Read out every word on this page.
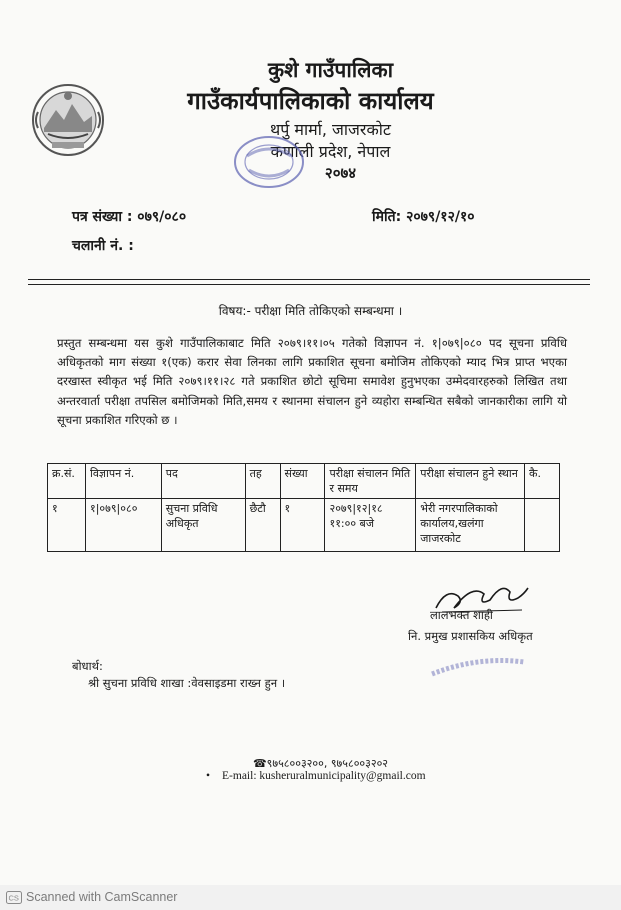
कुशे गाउँपालिका
गाउँकार्यपालिकाको कार्यालय
थर्पु मार्मा, जाजरकोट
कर्णाली प्रदेश, नेपाल
२०७४
पत्र संख्या : ०७९/०८०	मिति: २०७९/१२/१०
चलानी नं. :
विषय:- परीक्षा मिति तोकिएको सम्बन्धमा ।
प्रस्तुत सम्बन्धमा यस कुशे गाउँपालिकाबाट मिति २०७९।११।०५ गतेको विज्ञापन नं. १|०७९|०८० पद सूचना प्रविधि अधिकृतको माग संख्या १(एक) करार सेवा लिनका लागि प्रकाशित सूचना बमोजिम तोकिएको म्याद भित्र प्राप्त भएका दरखास्त स्वीकृत भई मिति २०७९।११।२८ गते प्रकाशित छोटो सूचिमा समावेश हुनुभएका उम्मेदवारहरुको लिखित तथा अन्तरवार्ता परीक्षा तपसिल बमोजिमको मिति,समय र स्थानमा संचालन हुने व्यहोरा सम्बन्धित सबैको जानकारीका लागि यो सूचना प्रकाशित गरिएको छ ।
क्र.सं.	विज्ञापन नं.	पद	तह	संख्या	परीक्षा संचालन मिति र समय	परीक्षा संचालन हुने स्थान	कै.
१	१|०७९|०८०	सुचना प्रविधि अधिकृत	छैटौ	१	२०७९|१२|१८ ११:०० बजे	भेरी नगरपालिकाको कार्यालय,खलंगा जाजरकोट	
लालभक्त शाही
नि. प्रमुख प्रशासकिय अधिकृत
बोधार्थ:
श्री सुचना प्रविधि शाखा :वेवसाइडमा राख्न हुन ।
☎९७५८००३२००, ९७५८००३२०२
• E-mail: kusheruralmunicipality@gmail.com
CS Scanned with CamScanner
